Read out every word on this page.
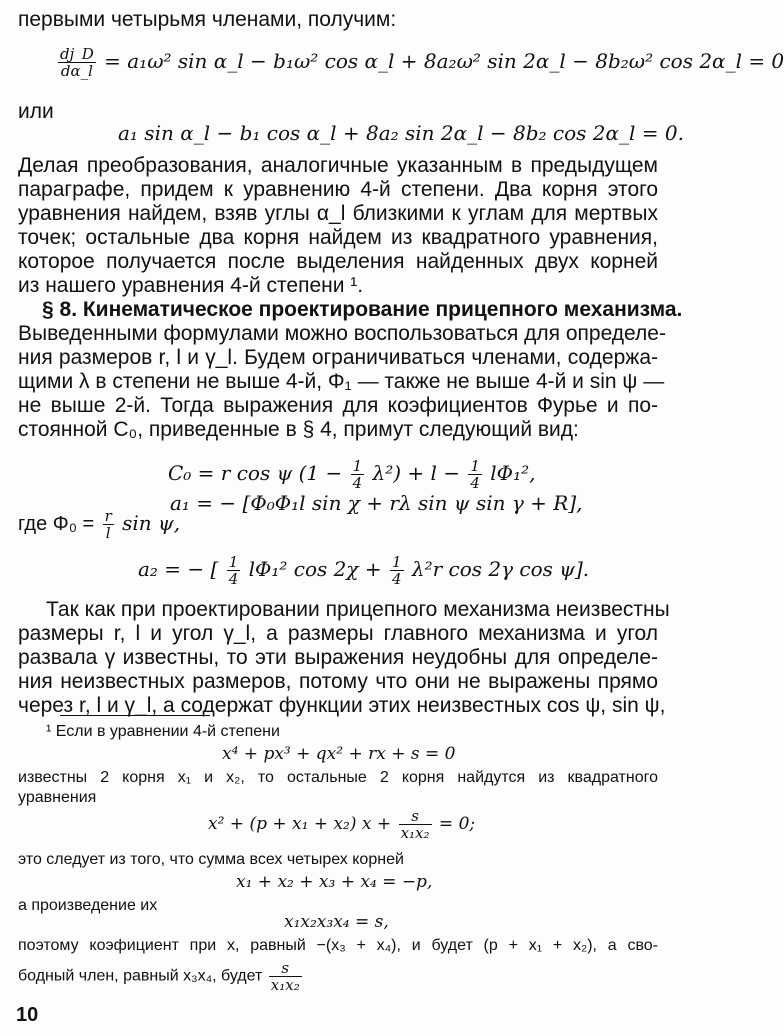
первыми четырьмя членами, получим:
$\frac{dj\_D}{d\alpha\_l} = a_1\omega^2$ sin α_l − b₁ω² cos α_l + 8a₂ω² sin 2α_l − 8b₂ω² cos 2α_l = 0
или
a₁ sin α_l − b₁ cos α_l + 8a₂ sin 2α_l − 8b₂ cos 2α_l = 0.
Делая преобразования, аналогичные указанным в предыдущем
параграфе, придем к уравнению 4-й степени. Два корня этого
уравнения найдем, взяв углы α_l близкими к углам для мертвых
точек; остальные два корня найдем из квадратного уравнения,
которое получается после выделения найденных двух корней
из нашего уравнения 4-й степени ¹.
§ 8. Кинематическое проектирование прицепного механизма.
Выведенными формулами можно воспользоваться для определе-
ния размеров r, l и γ_l. Будем ограничиваться членами, содержа-
щими λ в степени не выше 4-й, Φ₁ — также не выше 4-й и sin ψ —
не выше 2-й. Тогда выражения для коэфициентов Фурье и по-
стоянной C₀, приведенные в § 4, примут следующий вид:
C₀ = r cos ψ $(1 - \frac{1}{4} \lambda^2) + l - \frac{1}{4} l\Phi_1^2$,
a₁ = − [Φ₀Φ₁l sin χ + rλ sin ψ sin γ + R],
где $\Phi_0 = \frac{r}{l}$ sin ψ,
a₂ = − [ $\frac{1}{4} l\Phi_1^2$ $\cos 2\chi + \frac{1}{4} \lambda^2r$ cos 2γ cos ψ].
Так как при проектировании прицепного механизма неизвестны
размеры r, l и угол γ_l, а размеры главного механизма и угол
развала γ известны, то эти выражения неудобны для определе-
ния неизвестных размеров, потому что они не выражены прямо
через r, l и γ_l, а содержат функции этих неизвестных cos ψ, sin ψ,
¹ Если в уравнении 4-й степени
x⁴ + px³ + qx² + rx + s = 0
известны 2 корня x₁ и x₂, то остальные 2 корня найдутся из квадратного
уравнения
x² + (p + x₁ + x₂) $x + \frac{s}{\text{x₁x₂}} = 0$;
это следует из того, что сумма всех четырех корней
x₁ + x₂ + x₃ + x₄ = −p,
а произведение их
x₁x₂x₃x₄ = s,
поэтому коэфициент при x, равный −(x₃ + x₄), и будет (p + x₁ + x₂), а сво-
бодный член, равный x₃x₄, будет $\frac{s}{\text{x₁x₂}}$
10
